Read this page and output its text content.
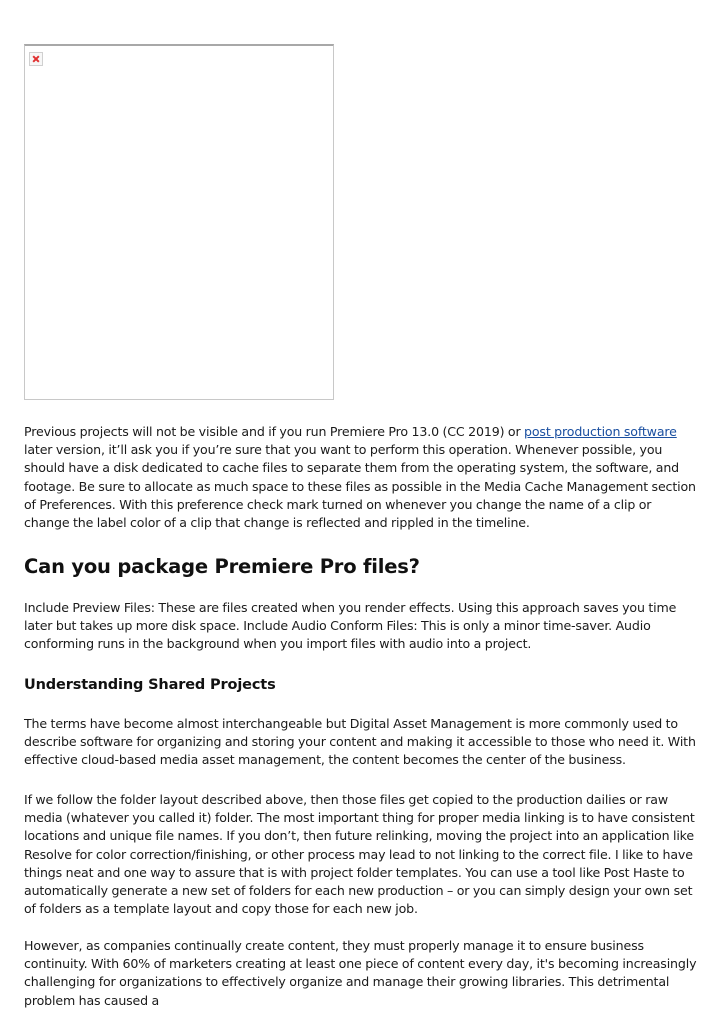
Previous projects will not be visible and if you run Premiere Pro 13.0 (CC 2019) or post production software later version, it’ll ask you if you’re sure that you want to perform this operation. Whenever possible, you should have a disk dedicated to cache files to separate them from the operating system, the software, and footage. Be sure to allocate as much space to these files as possible in the Media Cache Management section of Preferences. With this preference check mark turned on whenever you change the name of a clip or change the label color of a clip that change is reflected and rippled in the timeline.

Can you package Premiere Pro files?

Include Preview Files: These are files created when you render effects. Using this approach saves you time later but takes up more disk space. Include Audio Conform Files: This is only a minor time-saver. Audio conforming runs in the background when you import files with audio into a project.

Understanding Shared Projects

The terms have become almost interchangeable but Digital Asset Management is more commonly used to describe software for organizing and storing your content and making it accessible to those who need it. With effective cloud-based media asset management, the content becomes the center of the business.

If we follow the folder layout described above, then those files get copied to the production dailies or raw media (whatever you called it) folder. The most important thing for proper media linking is to have consistent locations and unique file names. If you don’t, then future relinking, moving the project into an application like Resolve for color correction/finishing, or other process may lead to not linking to the correct file. I like to have things neat and one way to assure that is with project folder templates. You can use a tool like Post Haste to automatically generate a new set of folders for each new production – or you can simply design your own set of folders as a template layout and copy those for each new job.

However, as companies continually create content, they must properly manage it to ensure business continuity. With 60% of marketers creating at least one piece of content every day, it's becoming increasingly challenging for organizations to effectively organize and manage their growing libraries. This detrimental problem has caused a
